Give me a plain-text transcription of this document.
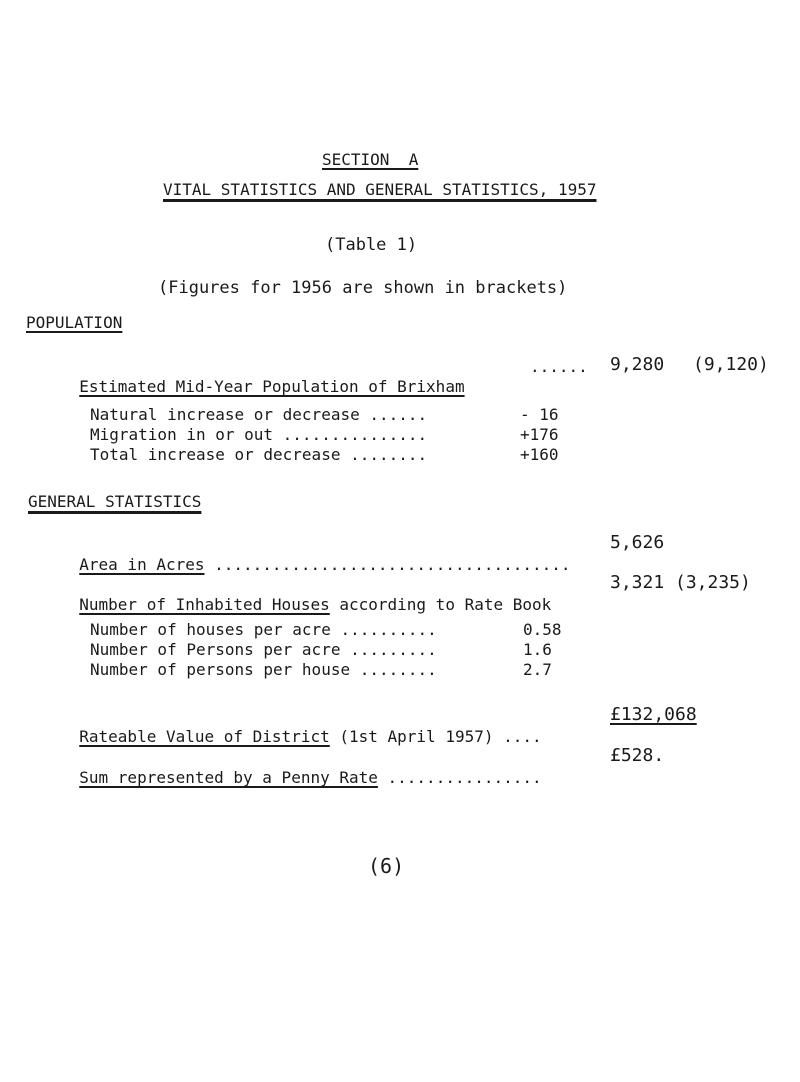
SECTION  A
VITAL STATISTICS AND GENERAL STATISTICS, 1957
(Table 1)
(Figures for 1956 are shown in brackets)
POPULATION

Estimated Mid-Year Population of Brixham

...... 9,280 (9,120)
Natural increase or decrease ......	- 16
Migration in or out ...............	+176
Total increase or decrease ........	+160
GENERAL STATISTICS

Area in Acres .....................................

5,626

Number of Inhabited Houses according to Rate Book

3,321 (3,235)
Number of houses per acre ..........	0.58
Number of Persons per acre .........	1.6
Number of persons per house ........	2.7

Rateable Value of District (1st April 1957) ....

£132,068

Sum represented by a Penny Rate ................

£528.
(6)
